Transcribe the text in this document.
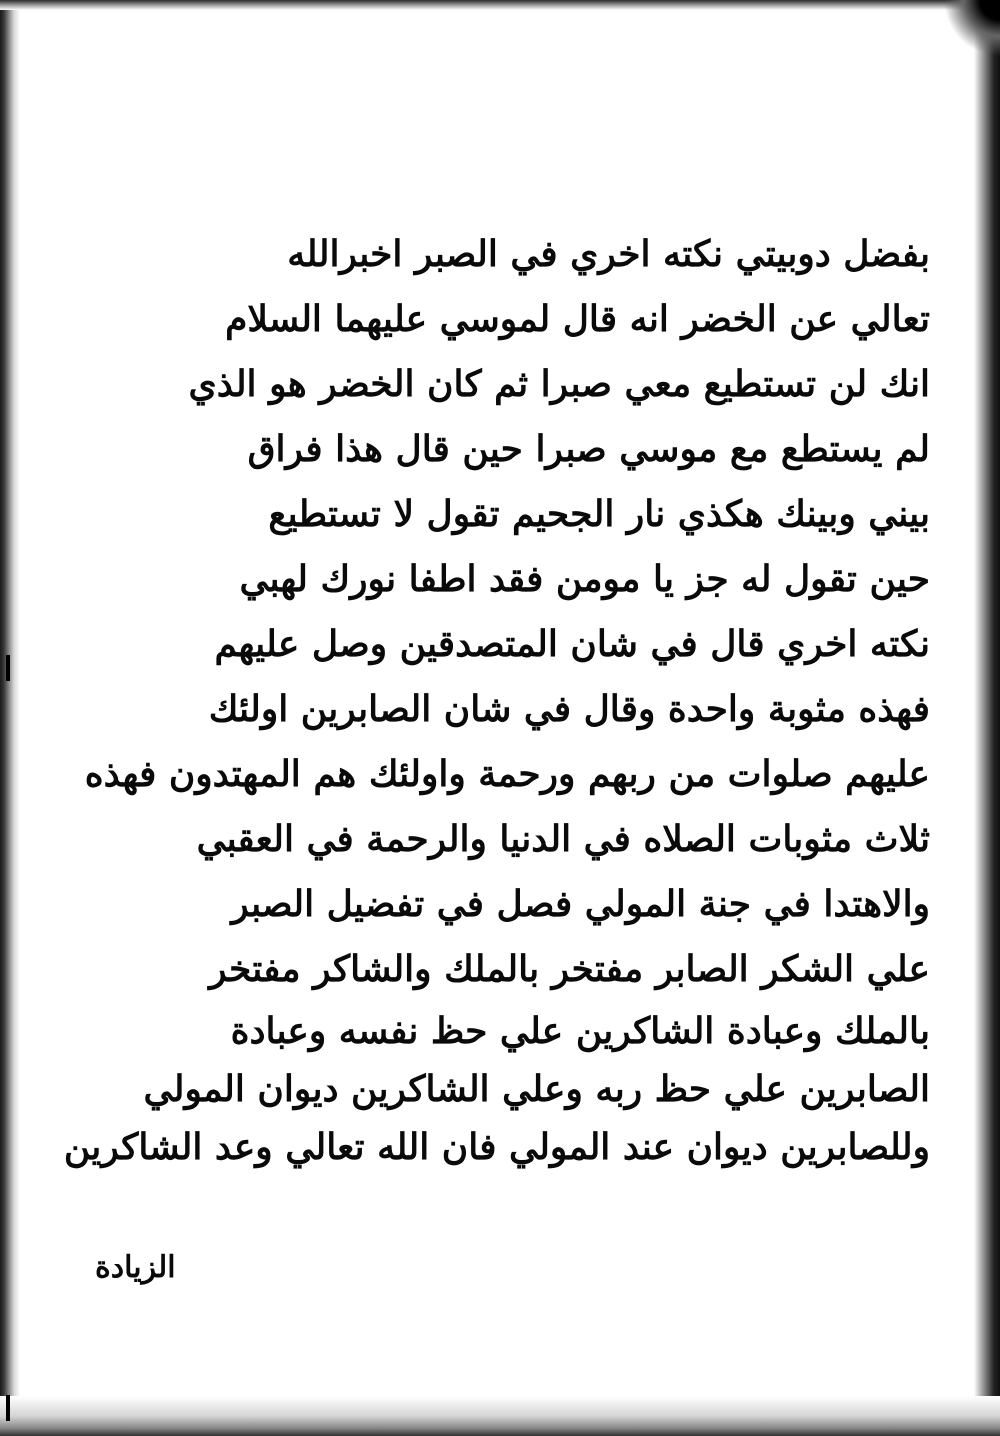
بفضل دوبيتي نكته اخري في الصبر اخبرالله
تعالي عن الخضر انه قال لموسي عليهما السلام
انك لن تستطيع معي صبرا ثم كان الخضر هو الذي
لم يستطع مع موسي صبرا حين قال هذا فراق
بيني وبينك هكذي نار الجحيم تقول لا تستطيع
حين تقول له جز يا مومن فقد اطفا نورك لهبي
نكته اخري قال في شان المتصدقين وصل عليهم
فهذه مثوبة واحدة وقال في شان الصابرين اولئك
عليهم صلوات من ربهم ورحمة واولئك هم المهتدون فهذه
ثلاث مثوبات الصلاه في الدنيا والرحمة في العقبي
والاهتدا في جنة المولي فصل في تفضيل الصبر
علي الشكر الصابر مفتخر بالملك والشاكر مفتخر
بالملك وعبادة الشاكرين علي حظ نفسه وعبادة
الصابرين علي حظ ربه وعلي الشاكرين ديوان المولي
وللصابرين ديوان عند المولي فان الله تعالي وعد الشاكرين
الزيادة
